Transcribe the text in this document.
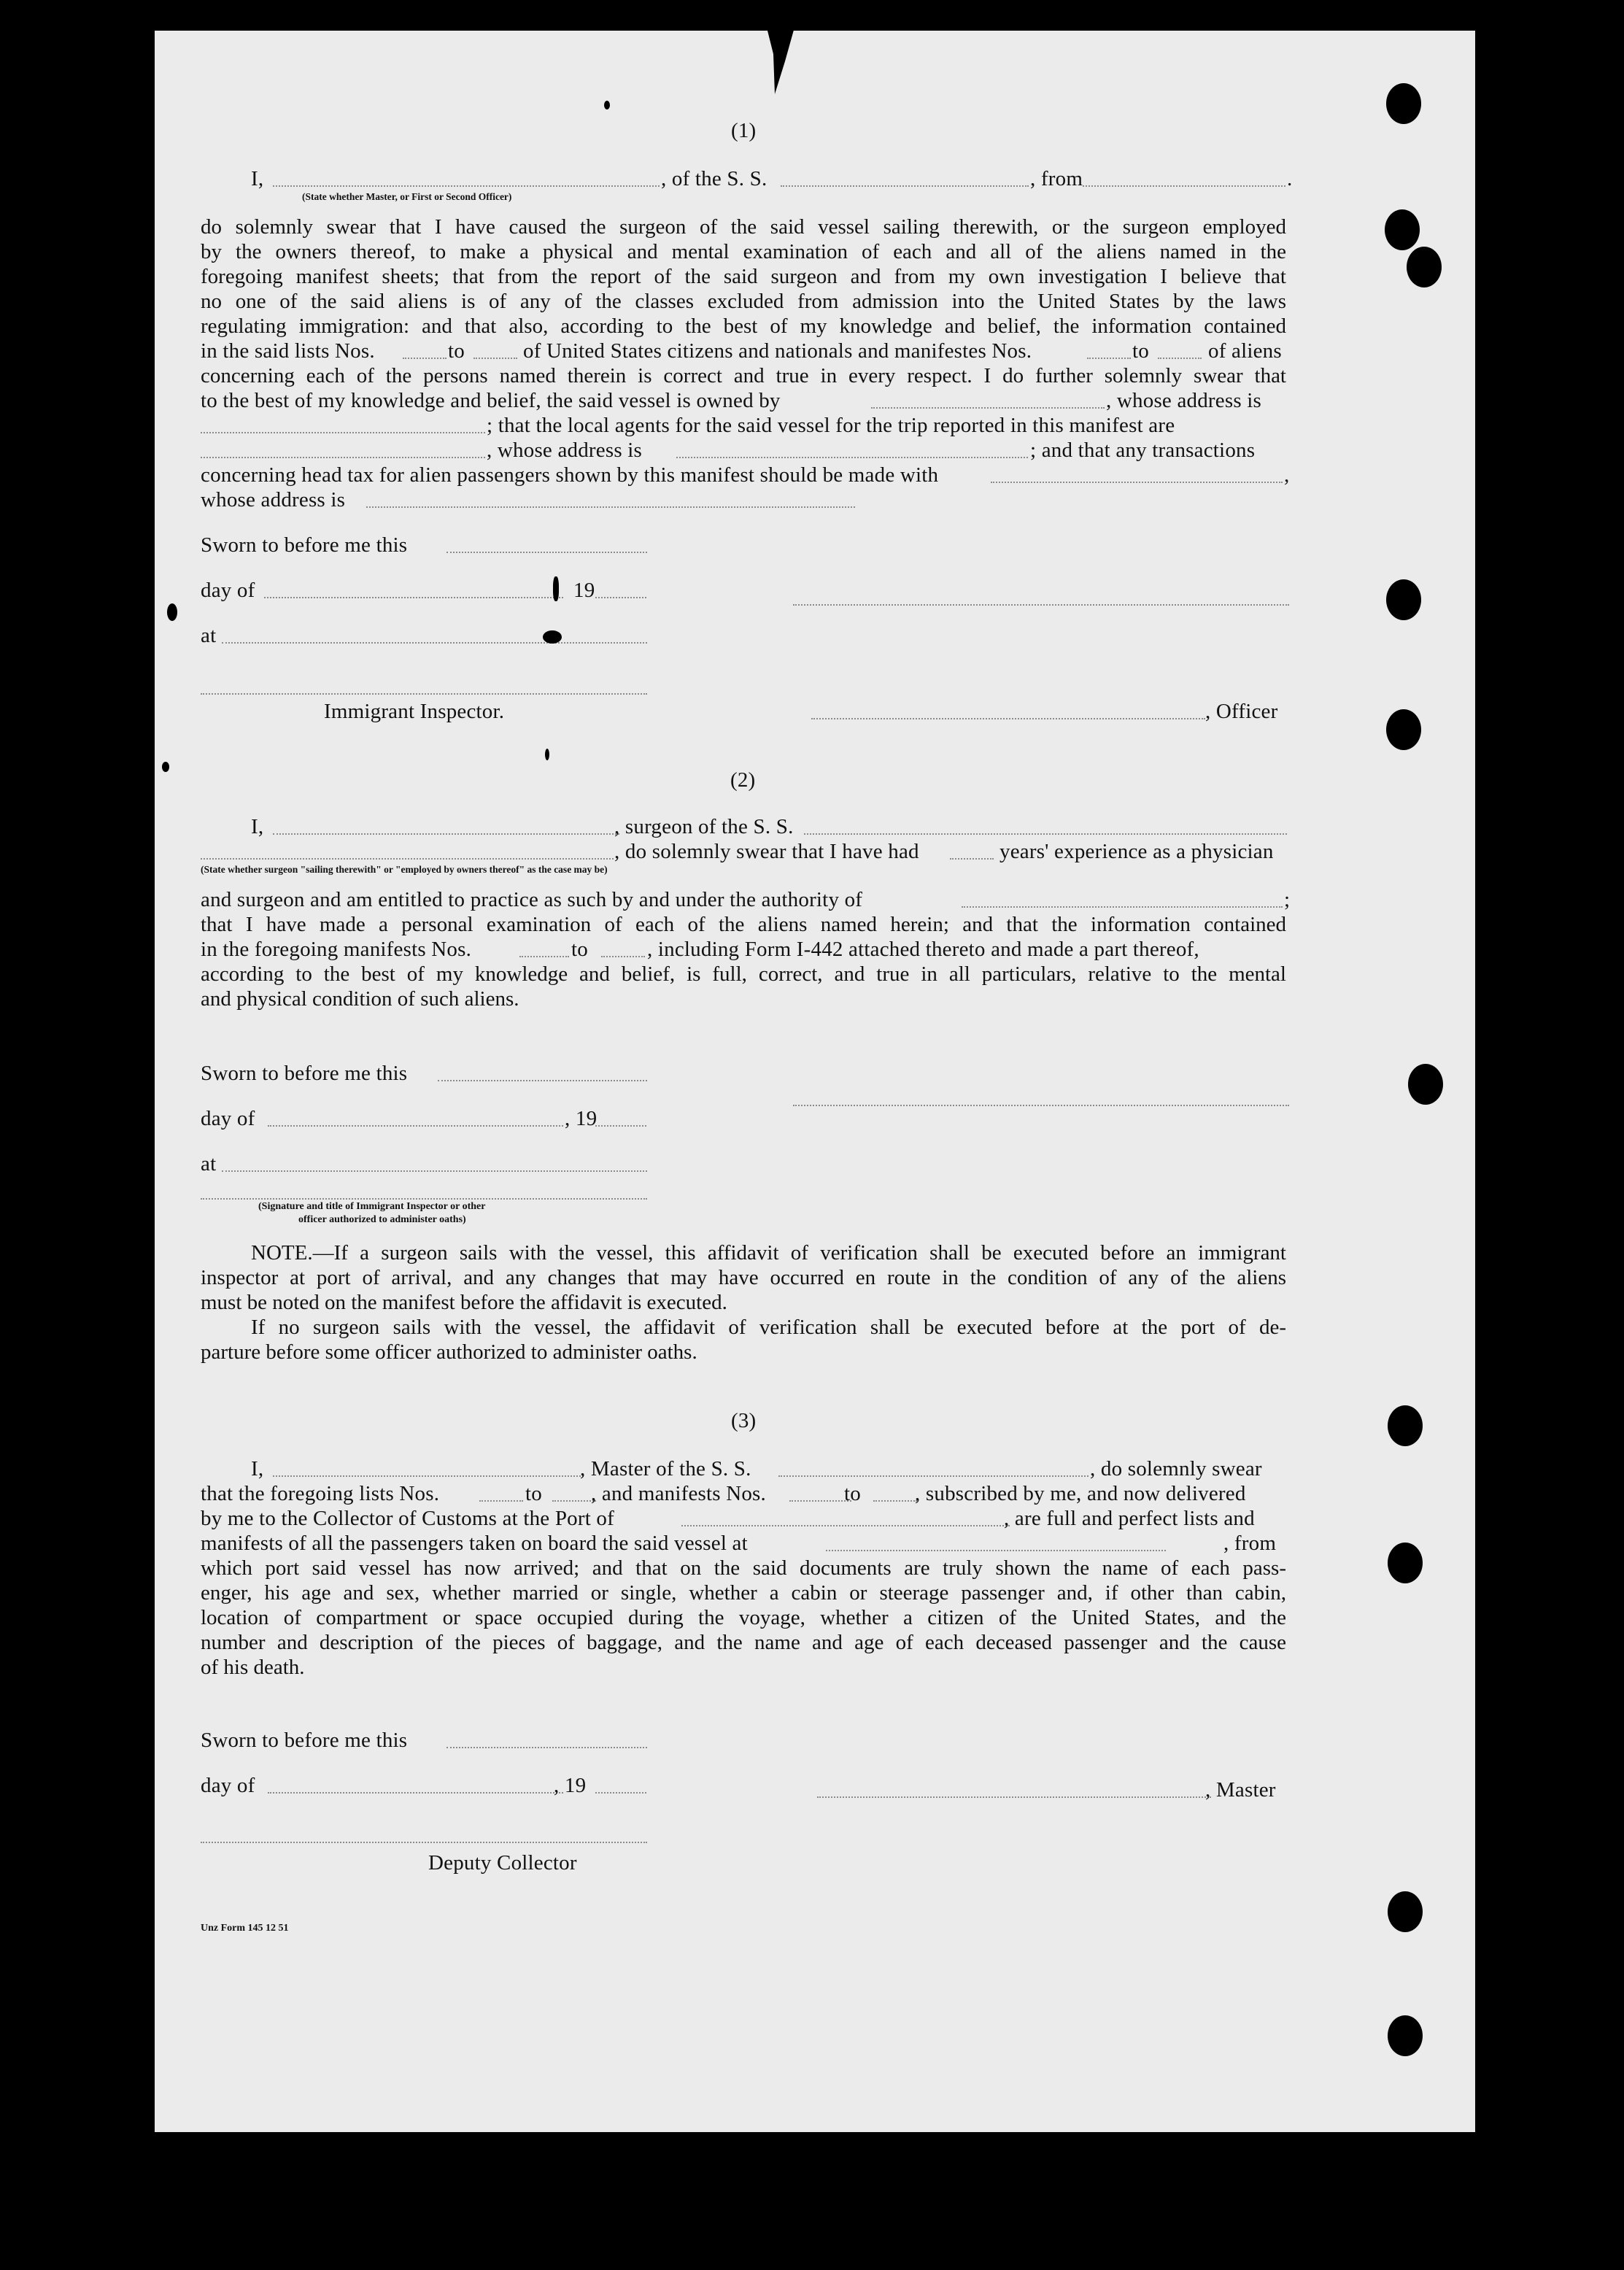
(1)
I,	, of the S. S.	, from	.
(State whether Master, or First or Second Officer)

do solemnly swear that I have caused the surgeon of the said vessel sailing therewith, or the surgeon employed

by the owners thereof, to make a physical and mental examination of each and all of the aliens named in the

foregoing manifest sheets; that from the report of the said surgeon and from my own investigation I believe that

no one of the said aliens is of any of the classes excluded from admission into the United States by the laws

regulating immigration: and that also, according to the best of my knowledge and belief, the information contained

in the said lists Nos.	to	of United States citizens and nationals and manifestes Nos.	to	of aliens

concerning each of the persons named therein is correct and true in every respect. I do further solemnly swear that

to the best of my knowledge and belief, the said vessel is owned by	, whose address is
; that the local agents for the said vessel for the trip reported in this manifest are
, whose address is	; and that any transactions
concerning head tax for alien passengers shown by this manifest should be made with	,
whose address is
Sworn to before me this
day of	19
at
Immigrant Inspector.	, Officer
(2)
I,	, surgeon of the S. S.
, do solemnly swear that I have had	years' experience as a physician
(State whether surgeon "sailing therewith" or "employed by owners thereof" as the case may be)
and surgeon and am entitled to practice as such by and under the authority of	;

that I have made a personal examination of each of the aliens named herein; and that the information contained

in the foregoing manifests Nos.	to	, including Form I-442 attached thereto and made a part thereof,

according to the best of my knowledge and belief, is full, correct, and true in all particulars, relative to the mental

and physical condition of such aliens.

Sworn to before me this
day of	, 19
at
(Signature and title of Immigrant Inspector or other
officer authorized to administer oaths)

NOTE.—If a surgeon sails with the vessel, this affidavit of verification shall be executed before an immigrant

inspector at port of arrival, and any changes that may have occurred en route in the condition of any of the aliens

must be noted on the manifest before the affidavit is executed.

If no surgeon sails with the vessel, the affidavit of verification shall be executed before at the port of de-

parture before some officer authorized to administer oaths.

(3)
I,	, Master of the S. S.	, do solemnly swear
that the foregoing lists Nos.	to , and manifests Nos.	to	, subscribed by me, and now delivered
by me to the Collector of Customs at the Port of	, are full and perfect lists and
manifests of all the passengers taken on board the said vessel at	, from

which port said vessel has now arrived; and that on the said documents are truly shown the name of each pass-

enger, his age and sex, whether married or single, whether a cabin or steerage passenger and, if other than cabin,

location of compartment or space occupied during the voyage, whether a citizen of the United States, and the

number and description of the pieces of baggage, and the name and age of each deceased passenger and the cause

of his death.

Sworn to before me this
day of	, 19	, Master
Deputy Collector
Unz Form 145 12 51
